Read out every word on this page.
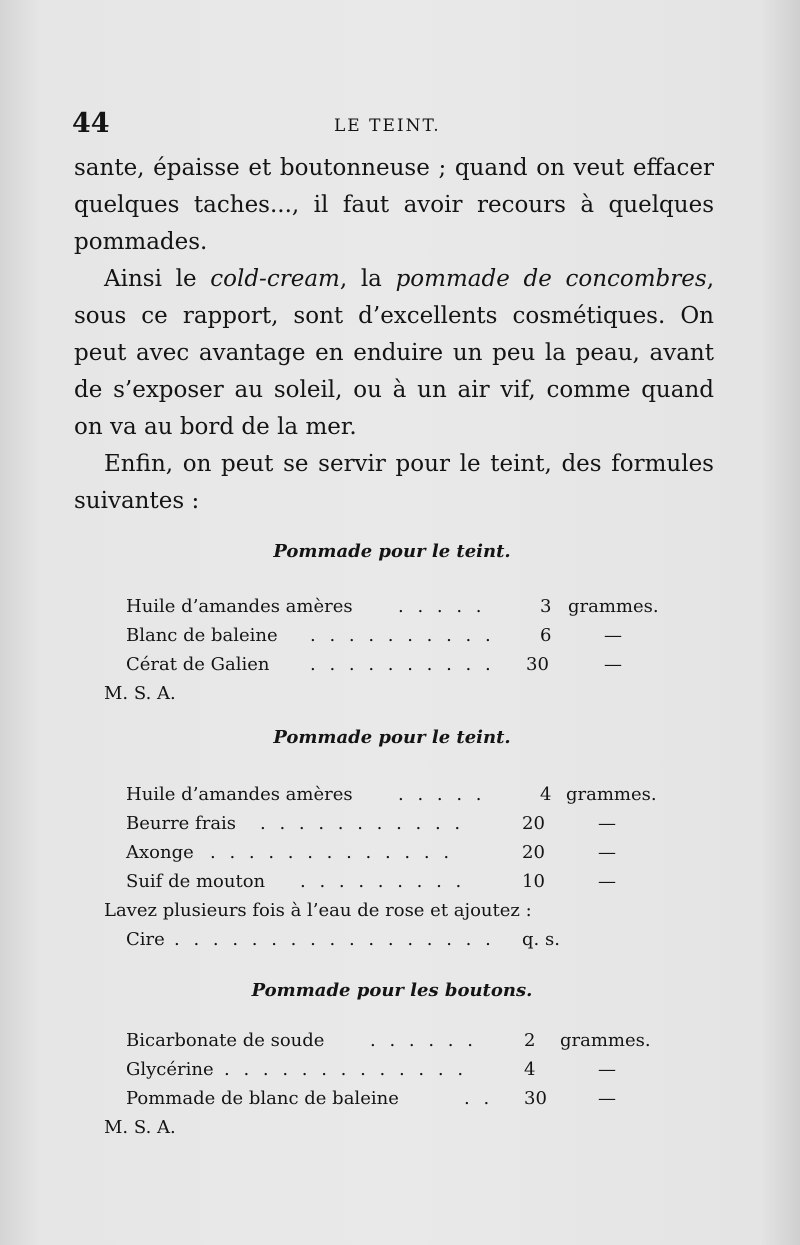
44	LE TEINT.

sante, épaisse et boutonneuse ; quand on veut effacer quelques taches..., il faut avoir recours à quelques pommades.

Ainsi le cold-cream, la pommade de concombres, sous ce rapport, sont d’excellents cosmétiques. On peut avec avantage en enduire un peu la peau, avant de s’exposer au soleil, ou à un air vif, comme quand on va au bord de la mer.

Enfin, on peut se servir pour le teint, des formules suivantes :

Pommade pour le teint.
Huile d’amandes amères	. . . . .	3 grammes.
Blanc de baleine . . . . . . . . . .	6	—
Cérat de Galien . . . . . . . . . . 30	—
M. S. A.
Pommade pour le teint.
Huile d’amandes amères	. . . . .	4 grammes.
Beurre frais . . . . . . . . . . .	20	—
Axonge . . . . . . . . . . . . .	20	—
Suif de mouton . . . . . . . . .	10	—
Lavez plusieurs fois à l’eau de rose et ajoutez :
Cire . . . . . . . . . . . . . . . . . q. s.
Pommade pour les boutons.
Bicarbonate de soude	. . . . . .	2 grammes.
Glycérine . . . . . . . . . . . . .	4	—
Pommade de blanc de baleine	. . 30	—
M. S. A.
